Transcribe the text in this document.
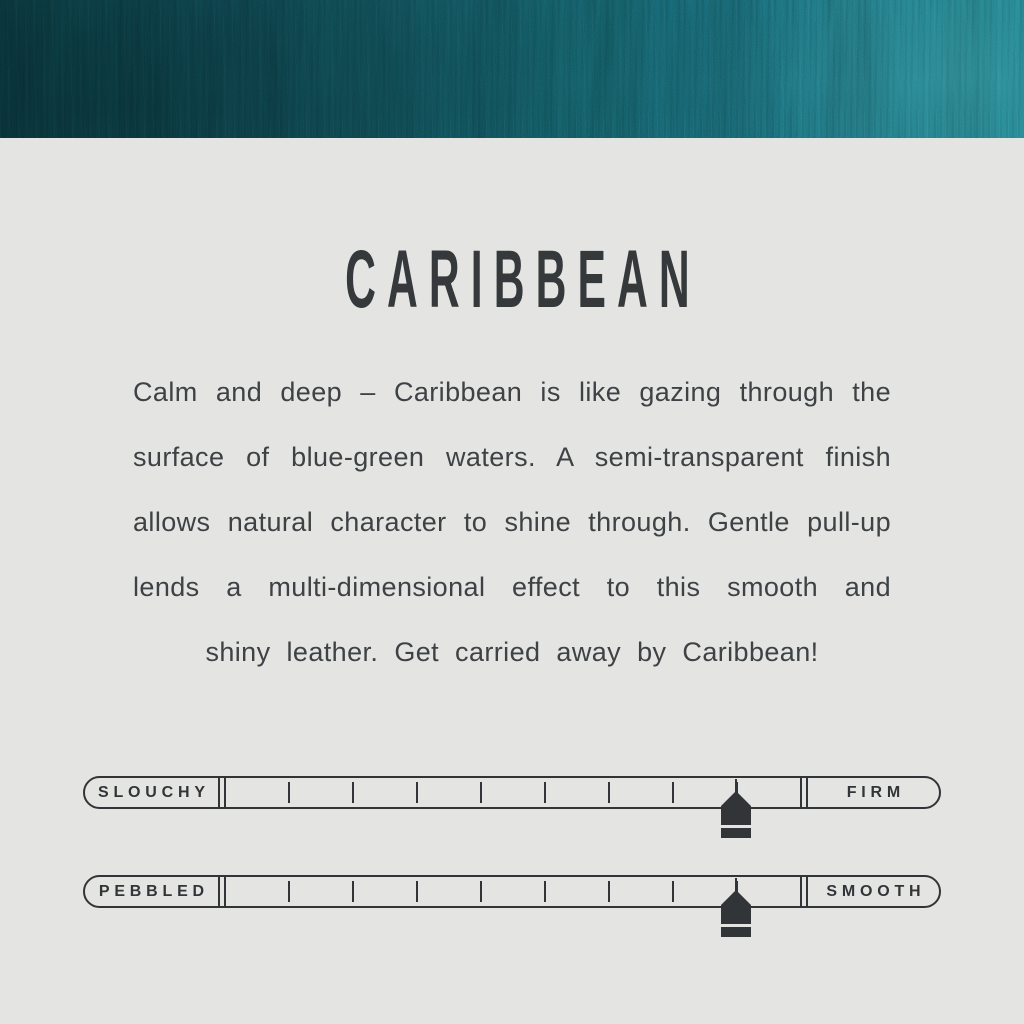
CARIBBEAN

Calm and deep – Caribbean is like gazing through the surface of blue-green waters. A semi-transparent finish allows natural character to shine through. Gentle pull-up lends a multi-dimensional effect to this smooth and shiny leather. Get carried away by Caribbean!

SLOUCHY	FIRM
PEBBLED	SMOOTH
